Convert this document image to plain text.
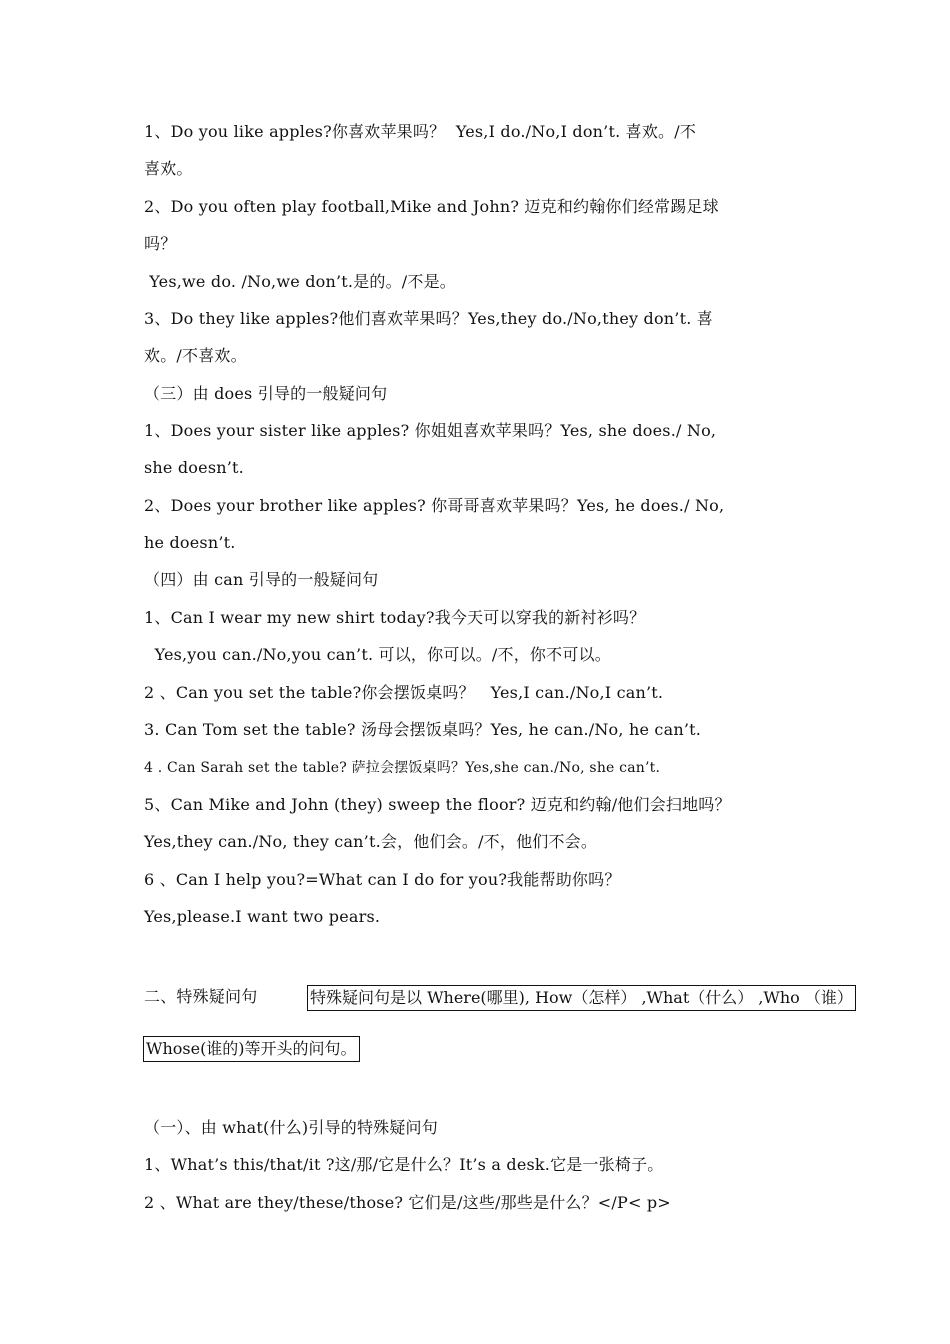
1、Do you like apples?你喜欢苹果吗？  Yes,I do./No,I don’t. 喜欢。/不
喜欢。
2、Do you often play football,Mike and John? 迈克和约翰你们经常踢足球
吗？
Yes,we do. /No,we don’t.是的。/不是。
3、Do they like apples?他们喜欢苹果吗？Yes,they do./No,they don’t. 喜
欢。/不喜欢。
（三）由 does 引导的一般疑问句
1、Does your sister like apples? 你姐姐喜欢苹果吗？Yes, she does./ No,
she doesn’t.
2、Does your brother like apples? 你哥哥喜欢苹果吗？Yes, he does./ No,
he doesn’t.
（四）由 can 引导的一般疑问句
1、Can I wear my new shirt today?我今天可以穿我的新衬衫吗？
Yes,you can./No,you can’t. 可以，你可以。/不，你不可以。
2 、Can you set the table?你会摆饭桌吗？   Yes,I can./No,I can’t.
3. Can Tom set the table? 汤母会摆饭桌吗？Yes, he can./No, he can’t.
4 . Can Sarah set the table? 萨拉会摆饭桌吗？Yes,she can./No, she can’t.
5、Can Mike and John (they) sweep the floor? 迈克和约翰/他们会扫地吗？
Yes,they can./No, they can’t.会，他们会。/不，他们不会。
6 、Can I help you?=What can I do for you?我能帮助你吗？
Yes,please.I want two pears.
二、特殊疑问句	特殊疑问句是以 Where(哪里), How（怎样） ,What（什么） ,Who （谁）
Whose(谁的)等开头的问句。
（一）、由 what(什么)引导的特殊疑问句
1、What’s this/that/it ?这/那/它是什么？It’s a desk.它是一张椅子。
2 、What are they/these/those? 它们是/这些/那些是什么？</P< p>
